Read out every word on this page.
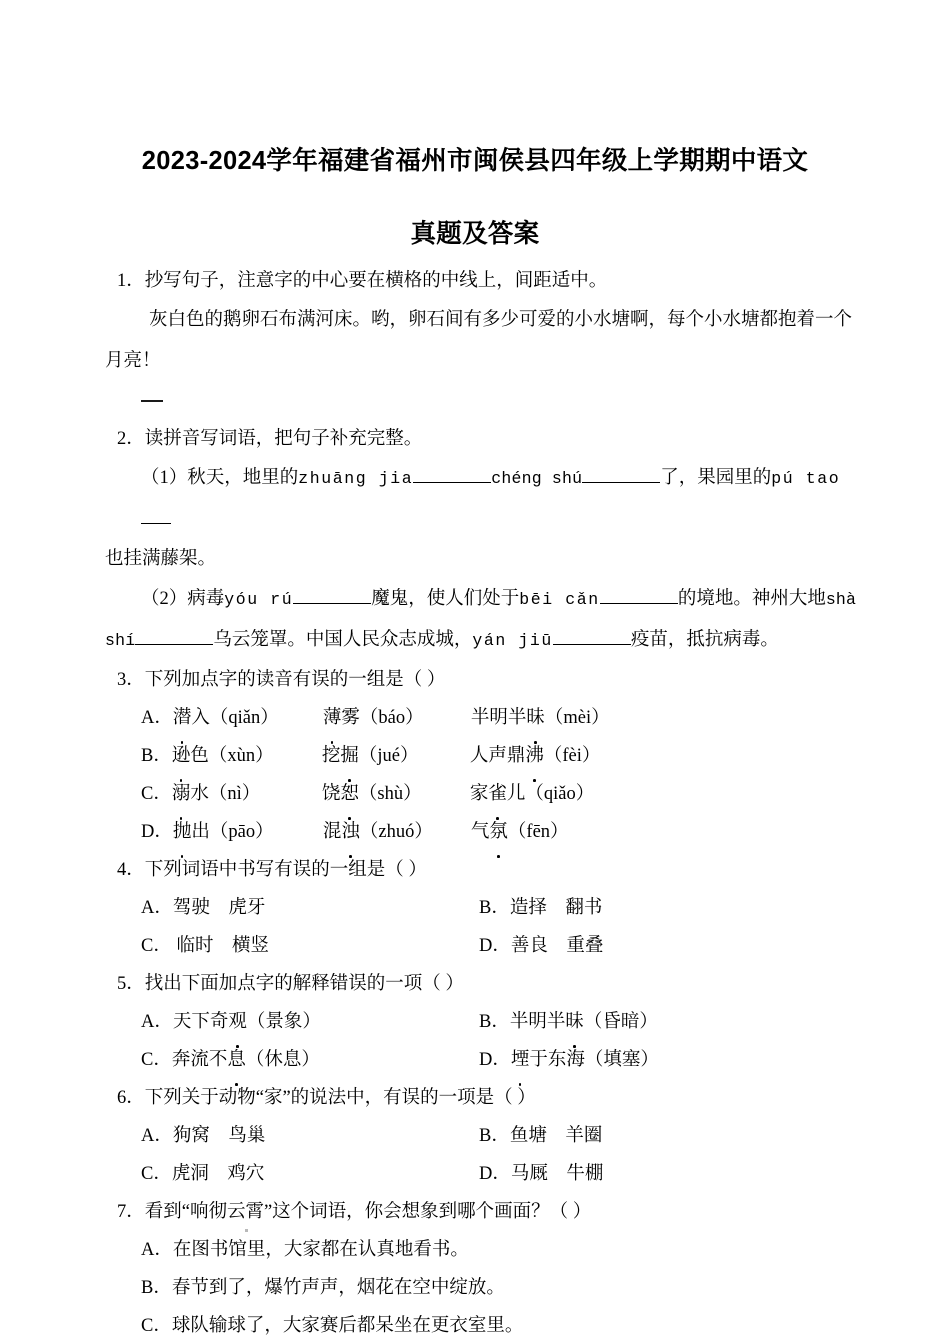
2023-2024学年福建省福州市闽侯县四年级上学期期中语文
真题及答案
1．抄写句子，注意字的中心要在横格的中线上，间距适中。
灰白色的鹅卵石布满河床。哟，卵石间有多少可爱的小水塘啊，每个小水塘都抱着一个
月亮！
2．读拼音写词语，把句子补充完整。
（1）秋天，地里的zhuāng jia	chéng shú	了，果园里的pú tao
也挂满藤架。
（2）病毒yóu rú	魔鬼，使人们处于bēi cǎn	的境地。神州大地shà
shí	乌云笼罩。中国人民众志成城，yán jiū	疫苗，抵抗病毒。
3．下列加点字的读音有误的一组是（ ）
A．潜入（qiǎn） 薄雾（báo）	半明半昧（mèi）
B．逊色（xùn）	挖掘（jué）	人声鼎沸（fèi）
C．溺水（nì）	饶恕（shù）	家雀儿（qiǎo）
D．抛出（pāo）	混浊（zhuó） 气氛（fēn）
4．下列词语中书写有误的一组是（ ）
A．驾驶　虎牙	B．造择　翻书
C． 临时　横竖	D．善良　重叠
5．找出下面加点字的解释错误的一项（ ）
A．天下奇观（景象）	B．半明半昧（昏暗）
C．奔流不息（休息）	D．堙于东海（填塞）
6．下列关于动物“家”的说法中，有误的一项是（ ）
A．狗窝　鸟巢	B．鱼塘　羊圈
C．虎洞　鸡穴	D．马厩　牛棚
7．看到“响彻云霄”这个词语，你会想象到哪个画面？（ ）
A．在图书馆里，大家都在认真地看书。
B．春节到了，爆竹声声，烟花在空中绽放。
C．球队输球了，大家赛后都呆坐在更衣室里。
